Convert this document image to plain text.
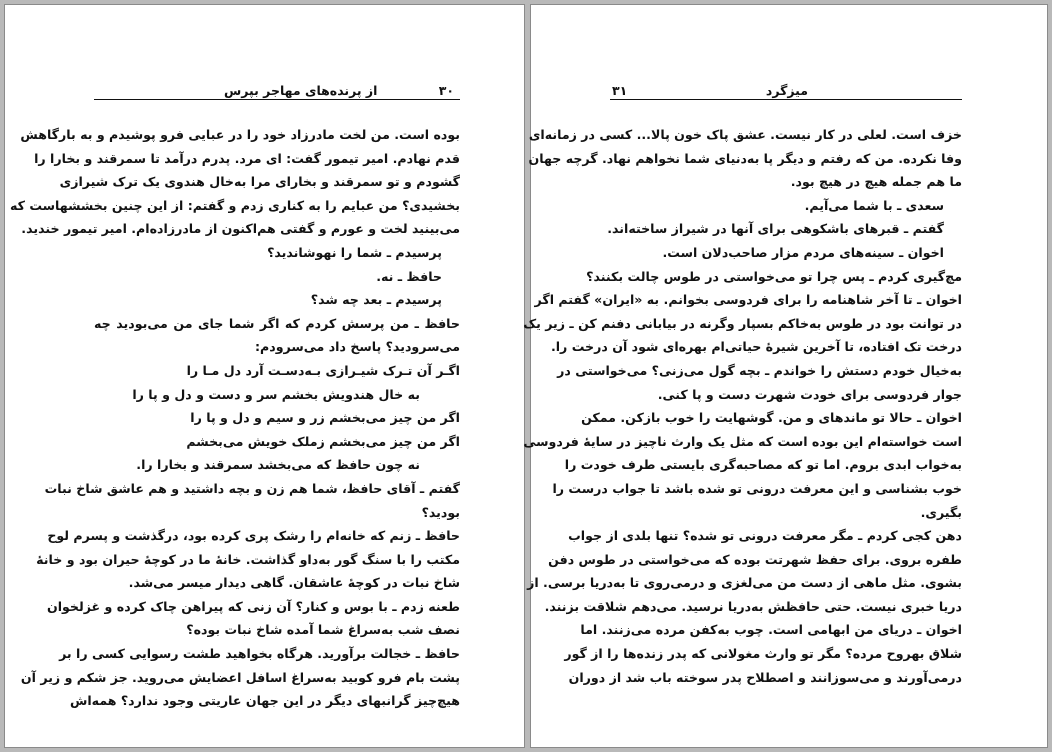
از پرنده‌های مهاجر بپرس	۳۰
بوده است. من لخت مادرزاد خود را در عبایی فرو پوشیدم و به بارگاهش
قدم نهادم. امیر تیمور گفت: ای مرد. پدرم درآمد تا سمرقند و بخارا را
گشودم و تو سمرقند و بخارای مرا به‌خال هندوی یک ترک شیرازی
بخشیدی؟ من عبایم را به کناری زدم و گفتم: از این چنین بخششهاست که
می‌بینید لخت و عورم و گفتی هم‌اکنون از مادرزاده‌ام. امیر تیمور خندید.
پرسیدم ـ شما را نهوشاندید؟
حافظ ـ نه.
پرسیدم ـ بعد چه شد؟
حافظ ـ من پرسش کردم که اگر شما جای من می‌بودید چه
می‌سرودید؟ پاسخ داد می‌سرودم:
اگـر آن تـرک شیـرازی بـه‌دسـت آرد دل مـا را
به خال هندویش بخشم سر و دست و دل و پا را
اگر من چیز می‌بخشم زر و سیم و دل و پا را
اگر من چیز می‌بخشم زملک خویش می‌بخشم
نه چون حافظ که می‌بخشد سمرقند و بخارا را.
گفتم ـ آقای حافظ، شما هم زن و بچه داشتید و هم عاشق شاخ نبات
بودید؟
حافظ ـ زنم که خانه‌ام را رشک پری کرده بود، درگذشت و پسرم لوح
مکتب را با سنگ گور به‌داو گذاشت. خانهٔ ما در کوچهٔ حیران بود و خانهٔ
شاخ نبات در کوچهٔ عاشقان. گاهی دیدار میسر می‌شد.
طعنه زدم ـ با بوس و کنار؟ آن زنی که پیراهن چاک کرده و غزلخوان
نصف شب به‌سراغ شما آمده شاخ نبات بوده؟
حافظ ـ خجالت برآورید. هرگاه بخواهید طشت رسوایی کسی را بر
پشت بام فرو کوبید به‌سراغ اسافل اعضایش می‌روید. جز شکم و زیر آن
هیچ‌چیز گرانبهای دیگر در این جهان عاریتی وجود ندارد؟ همه‌اش
۳۱	میزگرد
خزف است. لعلی در کار نیست. عشق پاک خون پالا... کسی در زمانه‌ای
وفا نکرده. من که رفتم و دیگر پا به‌دنیای شما نخواهم نهاد. گرچه جهان
ما هم جمله هیچ در هیچ بود.
سعدی ـ با شما می‌آیم.
گفتم ـ قبرهای باشکوهی برای آنها در شیراز ساخته‌اند.
اخوان ـ سینه‌های مردم مزار صاحب‌دلان است.
مچ‌گیری کردم ـ پس چرا تو می‌خواستی در طوس چالت بکنند؟
اخوان ـ تا آخر شاهنامه را برای فردوسی بخوانم. به «ایران» گفتم اگر
در توانت بود در طوس به‌خاکم بسپار وگرنه در بیابانی دفنم کن ـ زیر یک
درخت تک افتاده، تا آخرین شیرهٔ حیاتی‌ام بهره‌ای شود آن درخت را.
به‌خیال خودم دستش را خواندم ـ بچه گول می‌زنی؟ می‌خواستی در
جوار فردوسی برای خودت شهرت دست و پا کنی.
اخوان ـ حالا تو ماندهای و من. گوشهایت را خوب بازکن. ممکن
است خواسته‌ام این بوده است که مثل یک وارث ناچیز در سایهٔ فردوسی
به‌خواب ابدی بروم. اما تو که مصاحبه‌گری بایستی طرف خودت را
خوب بشناسی و این معرفت درونی تو شده باشد تا جواب درست را
بگیری.
دهن کجی کردم ـ مگر معرفت درونی تو شده؟ تنها بلدی از جواب
طفره بروی. برای حفظ شهرتت بوده که می‌خواستی در طوس دفن
بشوی. مثل ماهی از دست من می‌لغزی و درمی‌روی تا به‌دریا برسی. از
دریا خبری نیست. حتی حافظش به‌دریا نرسید. می‌دهم شلاقت بزنند.
اخوان ـ دریای من ابهامی است. چوب به‌کفن مرده می‌زنند. اما
شلاق بهروح مرده؟ مگر تو وارث مغولانی که پدر زنده‌ها را از گور
درمی‌آورند و می‌سوزانند و اصطلاح پدر سوخته باب شد از دوران
